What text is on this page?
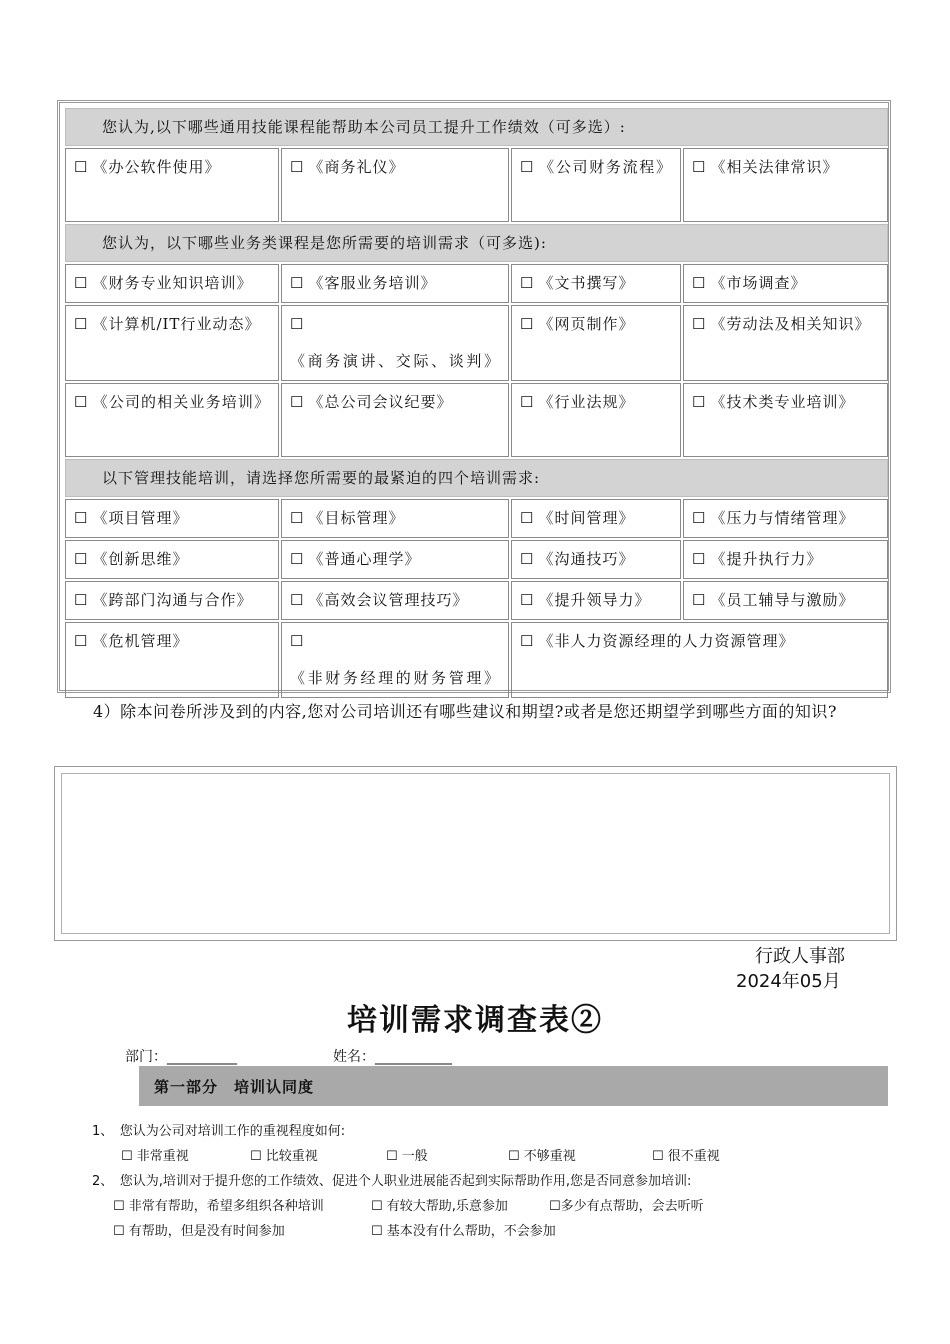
您认为,以下哪些通用技能课程能帮助本公司员工提升工作绩效（可多选）:			
☐ 《办公软件使用》	☐ 《商务礼仪》	☐ 《公司财务流程》	☐ 《相关法律常识》
您认为，以下哪些业务类课程是您所需要的培训需求（可多选):			
☐ 《财务专业知识培训》	☐ 《客服业务培训》	☐ 《文书撰写》	☐ 《市场调查》
☐ 《计算机/IT行业动态》	☐《商务演讲、交际、谈判》	☐ 《网页制作》	☐ 《劳动法及相关知识》
☐ 《公司的相关业务培训》	☐ 《总公司会议纪要》	☐ 《行业法规》	☐ 《技术类专业培训》
以下管理技能培训，请选择您所需要的最紧迫的四个培训需求:			
☐ 《项目管理》	☐ 《目标管理》	☐ 《时间管理》	☐ 《压力与情绪管理》
☐ 《创新思维》	☐ 《普通心理学》	☐ 《沟通技巧》	☐ 《提升执行力》
☐ 《跨部门沟通与合作》	☐ 《高效会议管理技巧》	☐ 《提升领导力》	☐ 《员工辅导与激励》
☐ 《危机管理》	☐《非财务经理的财务管理》	☐ 《非人力资源经理的人力资源管理》	
4）除本问卷所涉及到的内容,您对公司培训还有哪些建议和期望?或者是您还期望学到哪些方面的知识?
行政人事部
2024年05月
培训需求调查表②
部门：__________	姓名：___________
第一部分　培训认同度
1、　您认为公司对培训工作的重视程度如何:
☐ 非常重视	☐ 比较重视	☐ 一般	☐ 不够重视	☐ 很不重视
2、　您认为,培训对于提升您的工作绩效、促进个人职业进展能否起到实际帮助作用,您是否同意参加培训:
☐ 非常有帮助，希望多组织各种培训	☐ 有较大帮助,乐意参加	☐多少有点帮助，会去听听
☐ 有帮助，但是没有时间参加	☐ 基本没有什么帮助，不会参加
